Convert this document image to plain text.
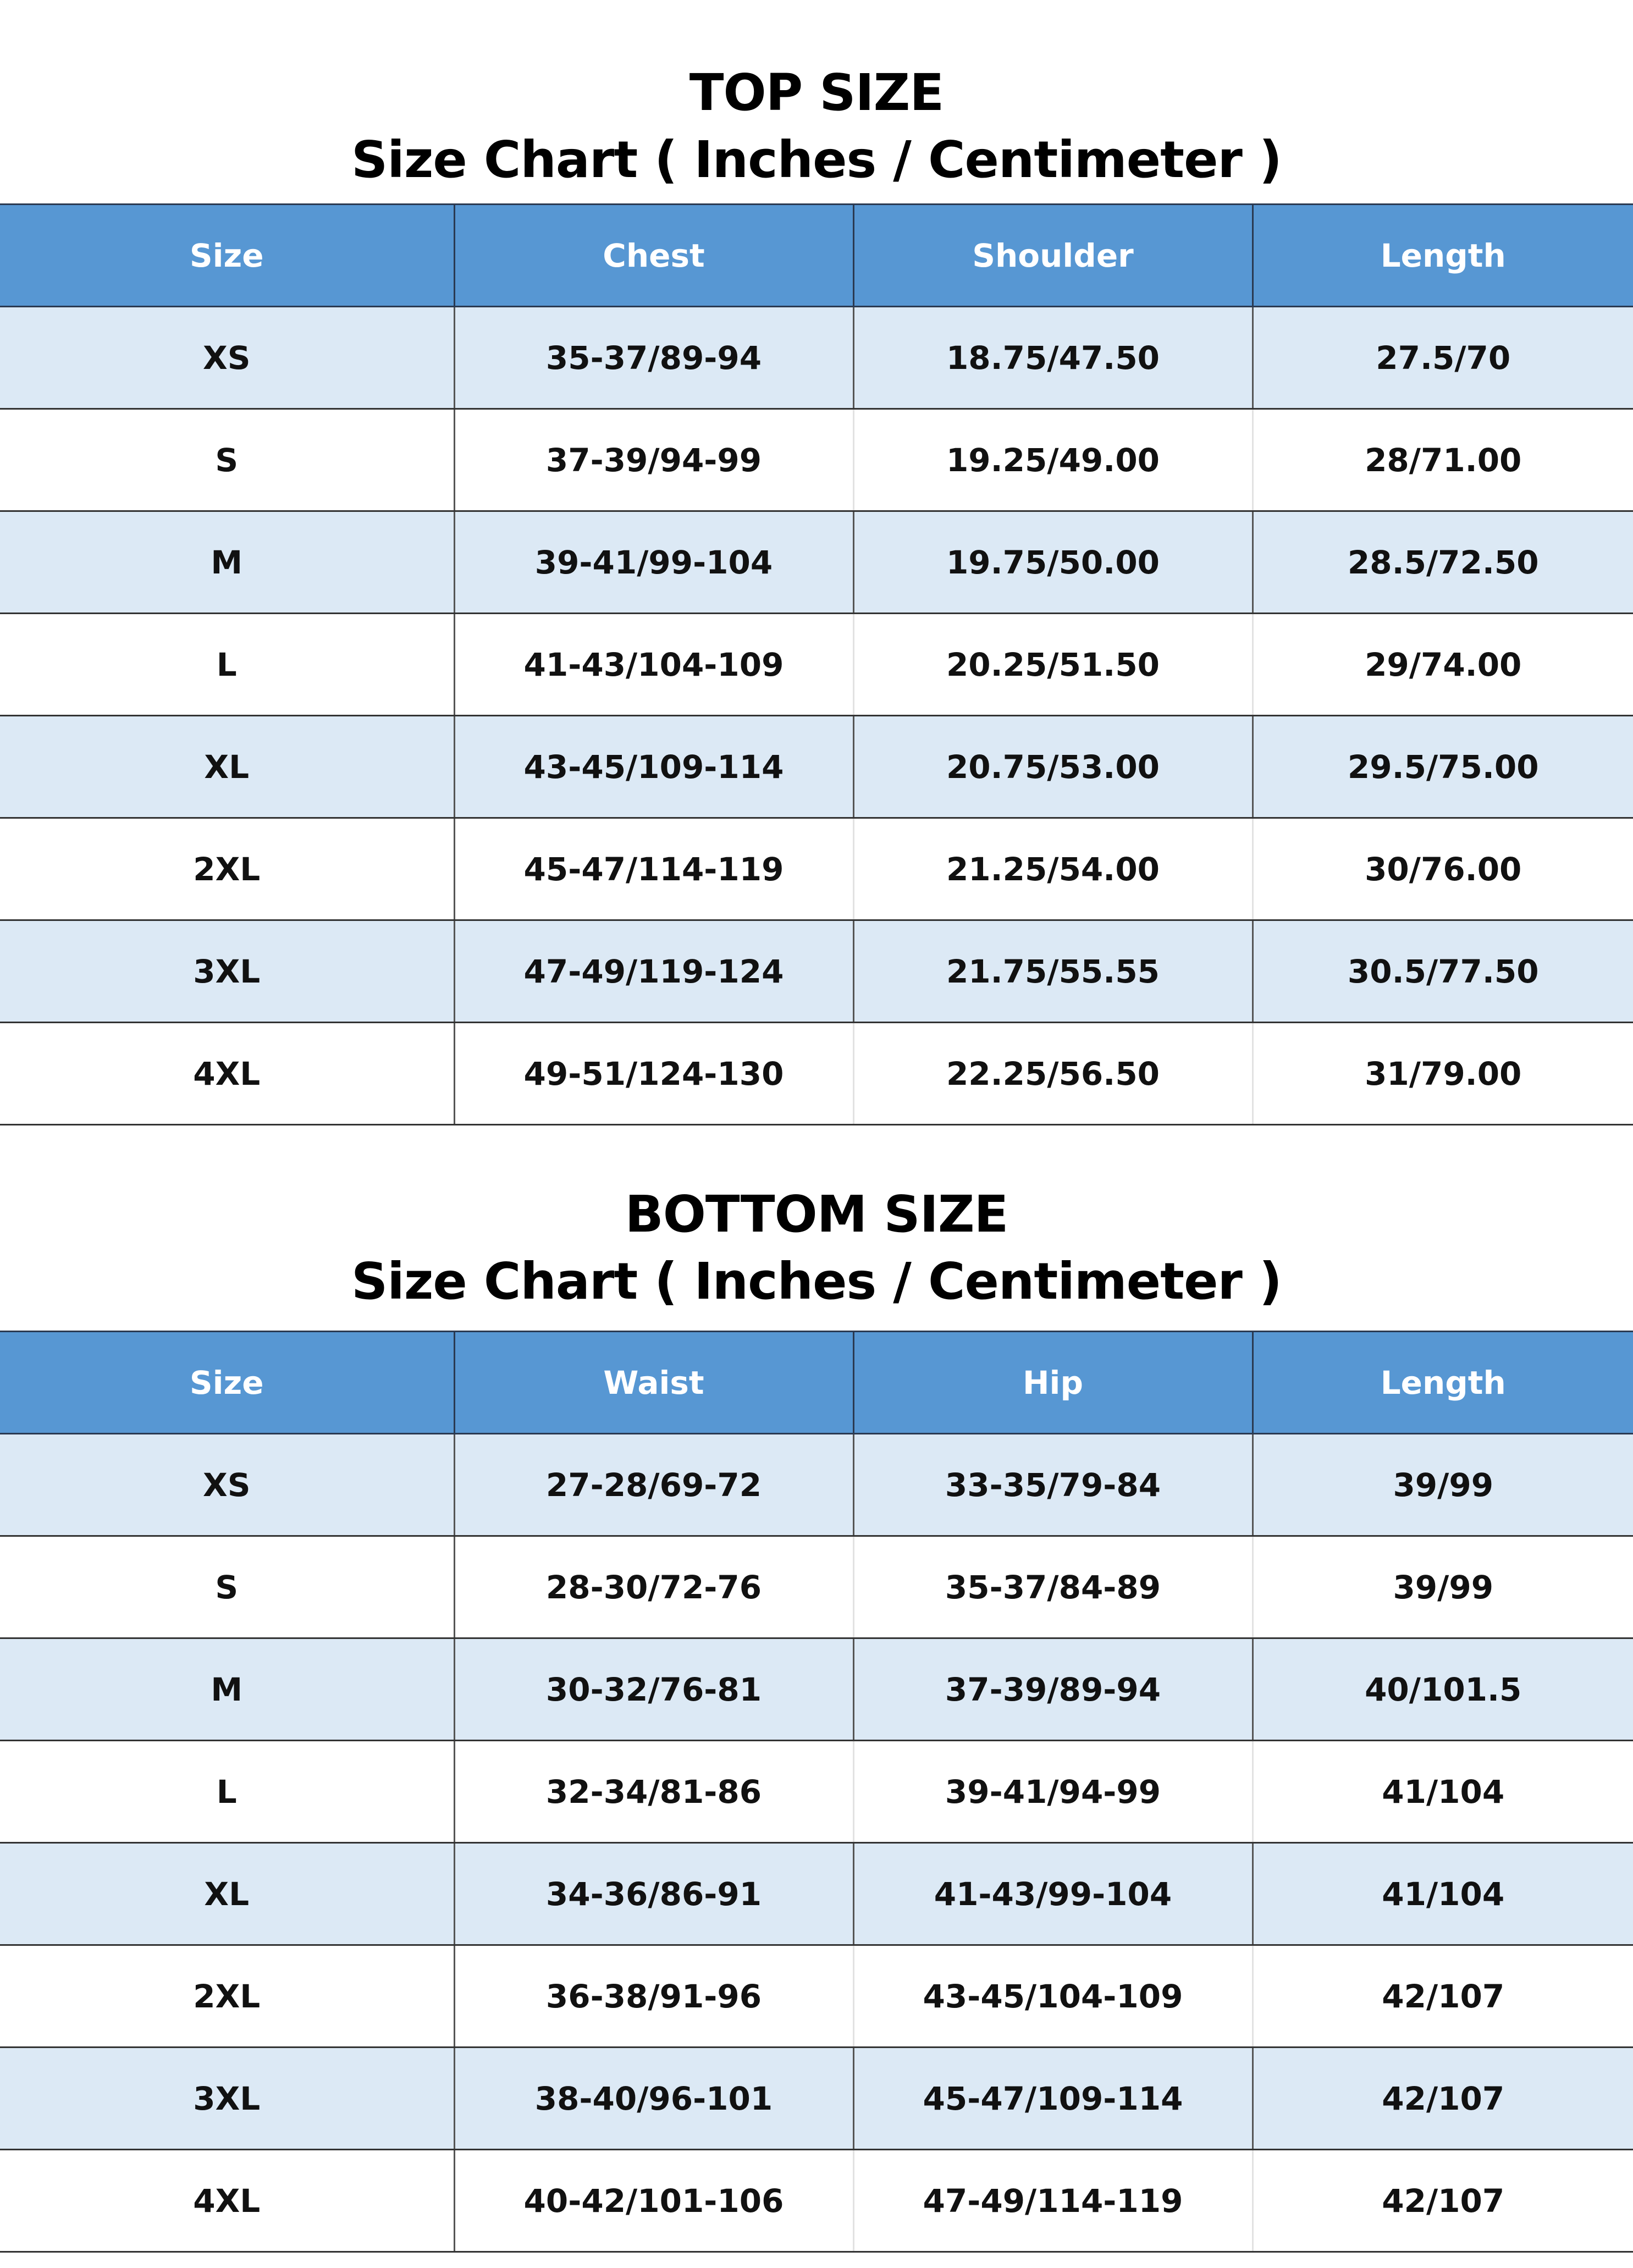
TOP SIZE
Size Chart ( Inches / Centimeter )
Size	Chest	Shoulder	Length
XS	35-37/89-94	18.75/47.50	27.5/70
S	37-39/94-99	19.25/49.00	28/71.00
M	39-41/99-104	19.75/50.00	28.5/72.50
L	41-43/104-109	20.25/51.50	29/74.00
XL	43-45/109-114	20.75/53.00	29.5/75.00
2XL	45-47/114-119	21.25/54.00	30/76.00
3XL	47-49/119-124	21.75/55.55	30.5/77.50
4XL	49-51/124-130	22.25/56.50	31/79.00
BOTTOM SIZE
Size Chart ( Inches / Centimeter )
Size	Waist	Hip	Length
XS	27-28/69-72	33-35/79-84	39/99
S	28-30/72-76	35-37/84-89	39/99
M	30-32/76-81	37-39/89-94	40/101.5
L	32-34/81-86	39-41/94-99	41/104
XL	34-36/86-91	41-43/99-104	41/104
2XL	36-38/91-96	43-45/104-109	42/107
3XL	38-40/96-101	45-47/109-114	42/107
4XL	40-42/101-106	47-49/114-119	42/107
